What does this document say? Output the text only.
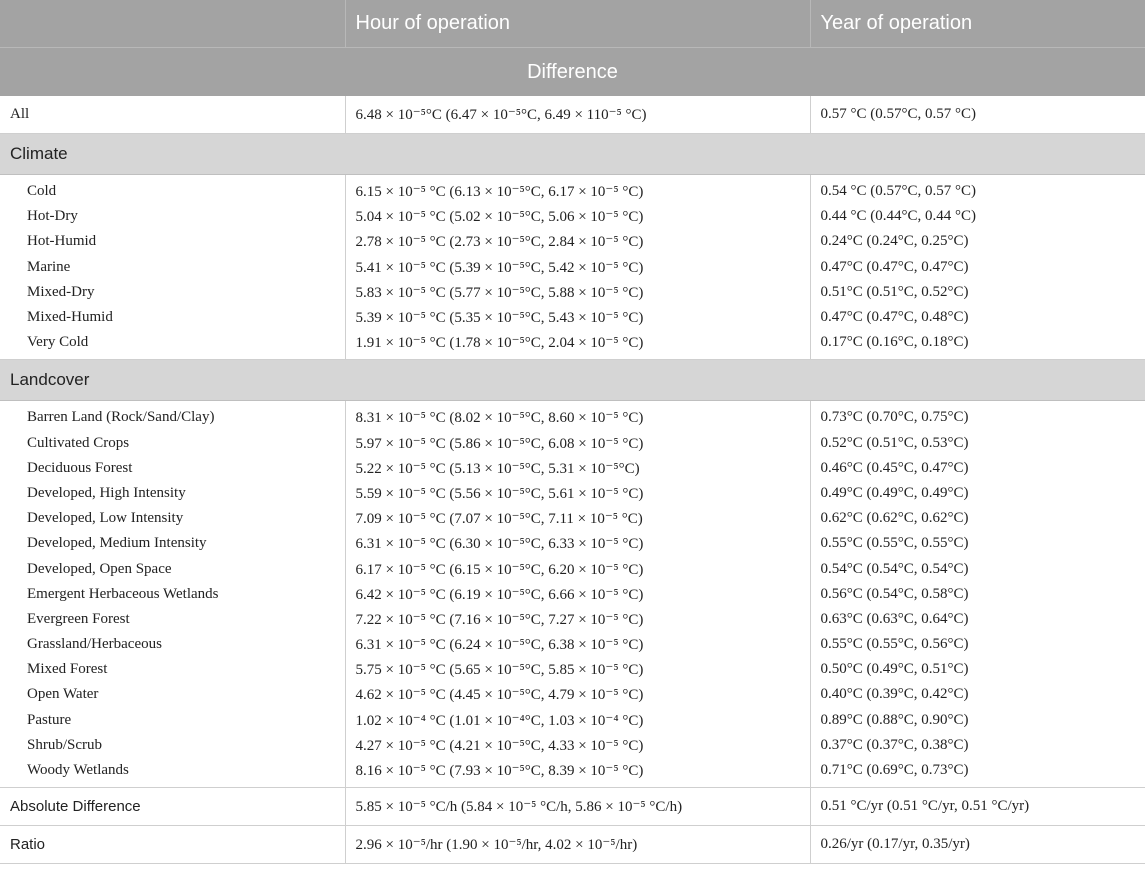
	Hour of operation	Year of operation
Difference		
All	6.48 × 10⁻⁵°C (6.47 × 10⁻⁵°C, 6.49 × 110⁻⁵ °C)	0.57 °C (0.57°C, 0.57 °C)
Climate		
Cold	6.15 × 10⁻⁵ °C (6.13 × 10⁻⁵°C, 6.17 × 10⁻⁵ °C)	0.54 °C (0.57°C, 0.57 °C)
Hot-Dry	5.04 × 10⁻⁵ °C (5.02 × 10⁻⁵°C, 5.06 × 10⁻⁵ °C)	0.44 °C (0.44°C, 0.44 °C)
Hot-Humid	2.78 × 10⁻⁵ °C (2.73 × 10⁻⁵°C, 2.84 × 10⁻⁵ °C)	0.24°C (0.24°C, 0.25°C)
Marine	5.41 × 10⁻⁵ °C (5.39 × 10⁻⁵°C, 5.42 × 10⁻⁵ °C)	0.47°C (0.47°C, 0.47°C)
Mixed-Dry	5.83 × 10⁻⁵ °C (5.77 × 10⁻⁵°C, 5.88 × 10⁻⁵ °C)	0.51°C (0.51°C, 0.52°C)
Mixed-Humid	5.39 × 10⁻⁵ °C (5.35 × 10⁻⁵°C, 5.43 × 10⁻⁵ °C)	0.47°C (0.47°C, 0.48°C)
Very Cold	1.91 × 10⁻⁵ °C (1.78 × 10⁻⁵°C, 2.04 × 10⁻⁵ °C)	0.17°C (0.16°C, 0.18°C)
Landcover		
Barren Land (Rock/Sand/Clay)	8.31 × 10⁻⁵ °C (8.02 × 10⁻⁵°C, 8.60 × 10⁻⁵ °C)	0.73°C (0.70°C, 0.75°C)
Cultivated Crops	5.97 × 10⁻⁵ °C (5.86 × 10⁻⁵°C, 6.08 × 10⁻⁵ °C)	0.52°C (0.51°C, 0.53°C)
Deciduous Forest	5.22 × 10⁻⁵ °C (5.13 × 10⁻⁵°C, 5.31 × 10⁻⁵°C)	0.46°C (0.45°C, 0.47°C)
Developed, High Intensity	5.59 × 10⁻⁵ °C (5.56 × 10⁻⁵°C, 5.61 × 10⁻⁵ °C)	0.49°C (0.49°C, 0.49°C)
Developed, Low Intensity	7.09 × 10⁻⁵ °C (7.07 × 10⁻⁵°C, 7.11 × 10⁻⁵ °C)	0.62°C (0.62°C, 0.62°C)
Developed, Medium Intensity	6.31 × 10⁻⁵ °C (6.30 × 10⁻⁵°C, 6.33 × 10⁻⁵ °C)	0.55°C (0.55°C, 0.55°C)
Developed, Open Space	6.17 × 10⁻⁵ °C (6.15 × 10⁻⁵°C, 6.20 × 10⁻⁵ °C)	0.54°C (0.54°C, 0.54°C)
Emergent Herbaceous Wetlands	6.42 × 10⁻⁵ °C (6.19 × 10⁻⁵°C, 6.66 × 10⁻⁵ °C)	0.56°C (0.54°C, 0.58°C)
Evergreen Forest	7.22 × 10⁻⁵ °C (7.16 × 10⁻⁵°C, 7.27 × 10⁻⁵ °C)	0.63°C (0.63°C, 0.64°C)
Grassland/Herbaceous	6.31 × 10⁻⁵ °C (6.24 × 10⁻⁵°C, 6.38 × 10⁻⁵ °C)	0.55°C (0.55°C, 0.56°C)
Mixed Forest	5.75 × 10⁻⁵ °C (5.65 × 10⁻⁵°C, 5.85 × 10⁻⁵ °C)	0.50°C (0.49°C, 0.51°C)
Open Water	4.62 × 10⁻⁵ °C (4.45 × 10⁻⁵°C, 4.79 × 10⁻⁵ °C)	0.40°C (0.39°C, 0.42°C)
Pasture	1.02 × 10⁻⁴ °C (1.01 × 10⁻⁴°C, 1.03 × 10⁻⁴ °C)	0.89°C (0.88°C, 0.90°C)
Shrub/Scrub	4.27 × 10⁻⁵ °C (4.21 × 10⁻⁵°C, 4.33 × 10⁻⁵ °C)	0.37°C (0.37°C, 0.38°C)
Woody Wetlands	8.16 × 10⁻⁵ °C (7.93 × 10⁻⁵°C, 8.39 × 10⁻⁵ °C)	0.71°C (0.69°C, 0.73°C)
Absolute Difference	5.85 × 10⁻⁵ °C/h (5.84 × 10⁻⁵ °C/h, 5.86 × 10⁻⁵ °C/h)	0.51 °C/yr (0.51 °C/yr, 0.51 °C/yr)
Ratio	2.96 × 10⁻⁵/hr (1.90 × 10⁻⁵/hr, 4.02 × 10⁻⁵/hr)	0.26/yr (0.17/yr, 0.35/yr)
